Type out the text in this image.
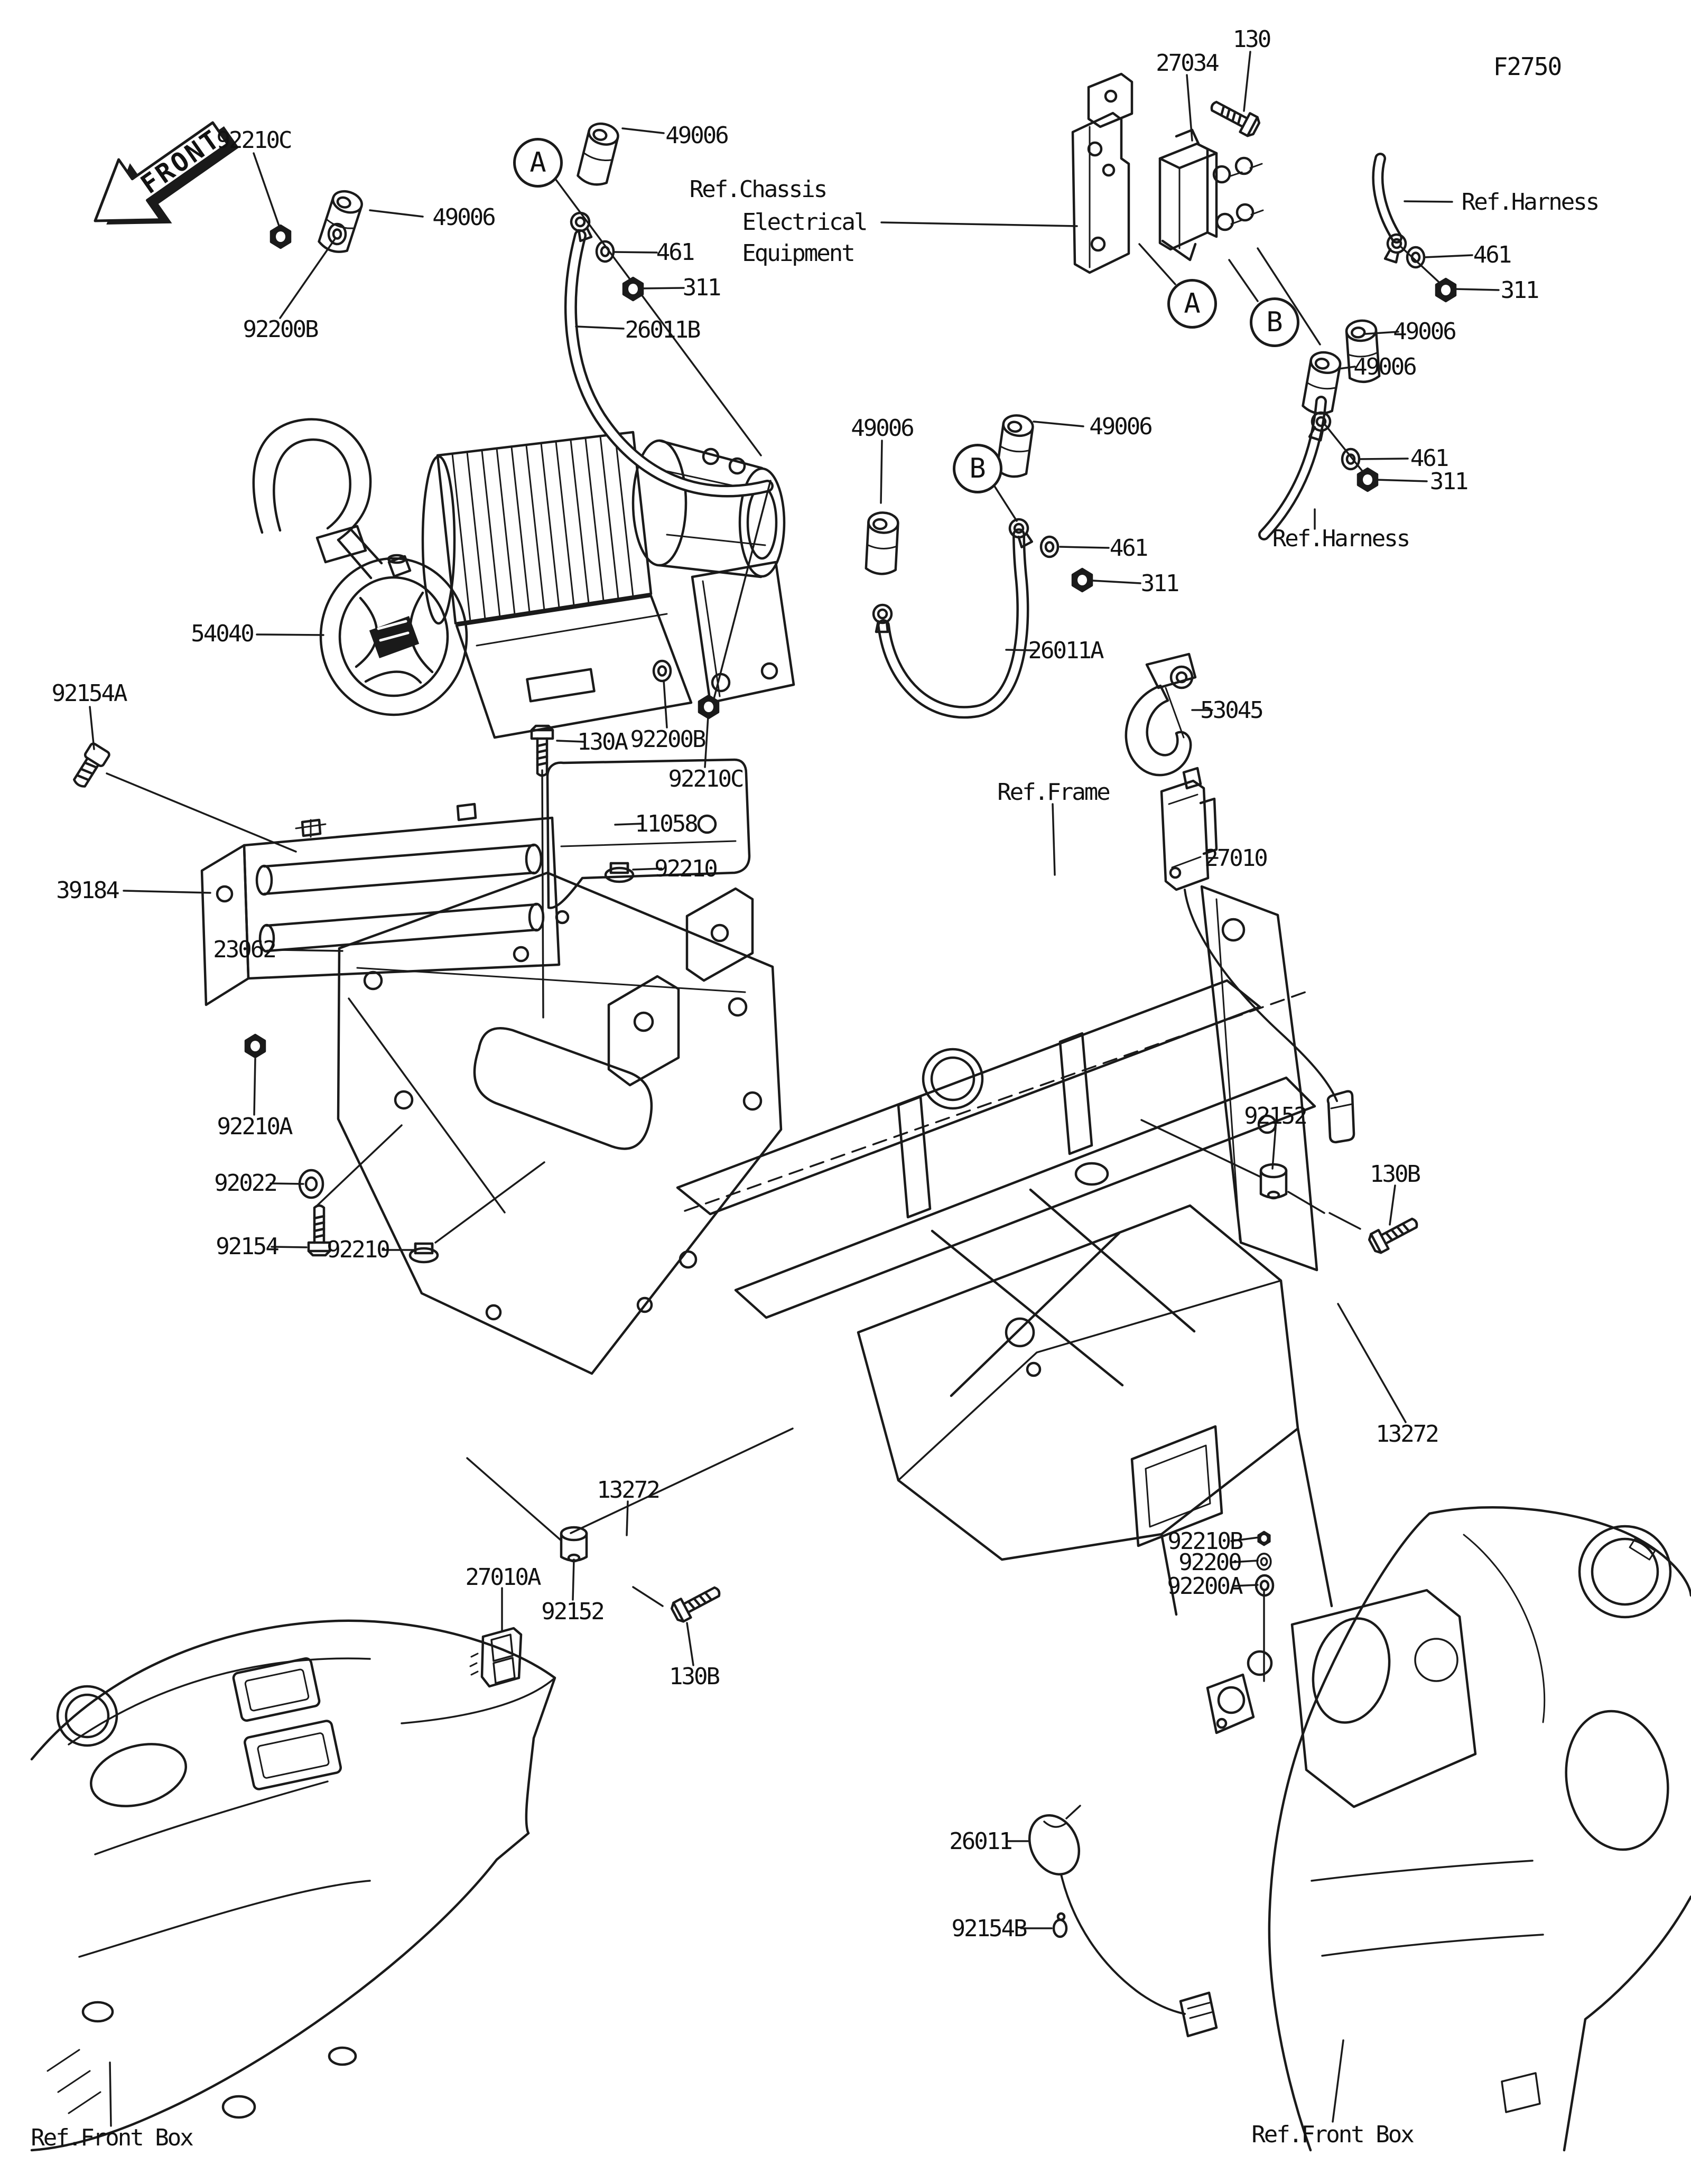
FRONT
F2750
92210C
49006
92200B
49006
Ref.Chassis
Electrical
Equipment
461
311
26011B
27034
130
Ref.Harness
461
311
49006
49006
461
311
Ref.Harness
49006	49006
461
311
26011A
54040
92154A
39184
23062
130A 92200B
92210C
11058
92210
Ref.Frame
53045
27010
92210A
92022
92154 92210
92152
130B
13272
13272
92152
130B
27010A
92210B
92200
92200A
26011
92154B
Ref.Front Box	Ref.Front Box
A
A
B
B
